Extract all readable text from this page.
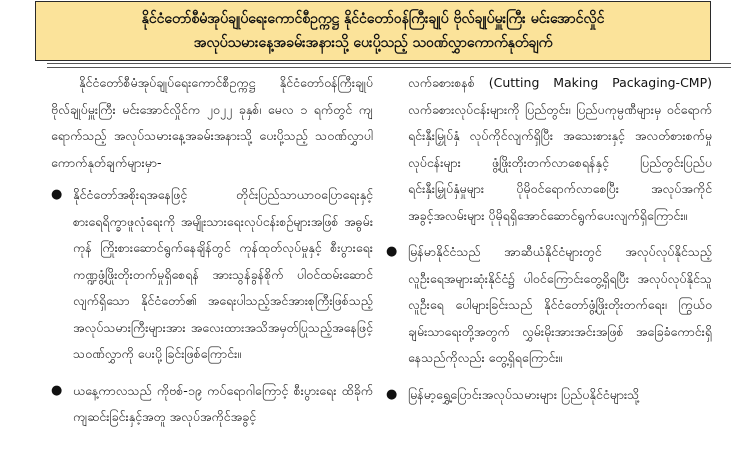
နိုင်ငံတော်စီမံအုပ်ချုပ်ရေးကောင်စီဥက္ကဋ္ဌ နိုင်ငံတော်ဝန်ကြီးချုပ် ဗိုလ်ချုပ်မှူးကြီး မင်းအောင်လှိုင်
အလုပ်သမားနေ့အခမ်းအနားသို့ ပေးပို့သည့် သဝဏ်လွှာကောက်နုတ်ချက်

နိုင်ငံတော်စီမံအုပ်ချုပ်ရေးကောင်စီဥက္ကဋ္ဌ နိုင်ငံတော်ဝန်ကြီးချုပ် ဗိုလ်ချုပ်မှူးကြီး မင်းအောင်လှိုင်က ၂၀၂၂ ခုနှစ်၊ မေလ ၁ ရက်တွင် ကျရောက်သည့် အလုပ်သမားနေ့အခမ်းအနားသို့ ပေးပို့သည့် သဝဏ်လွှာပါကောက်နုတ်ချက်များမှာ-

● နိုင်ငံတော်အစိုးရအနေဖြင့် တိုင်းပြည်သာယာဝပြောရေးနှင့် စားရေရိက္ခာဖူလုံရေးကို အမျိုးသားရေးလုပ်ငန်းစဉ်များအဖြစ် အဓွမ်းကုန် ကြိုးစားဆောင်ရွက်နေချိန်တွင် ကုန်ထုတ်လုပ်မှုနှင့် စီးပွားရေးကဏ္ဍဖွံ့ဖြိုးတိုးတက်မှုရှိစေရန် အားသွန်ခွန်စိုက် ပါဝင်ထမ်းဆောင်လျက်ရှိသော နိုင်ငံတော်၏ အရေးပါသည့်အင်အားစုကြီးဖြစ်သည့်အလုပ်သမားကြီးများအား အလေးထားအသိအမှတ်ပြုသည့်အနေဖြင့် သဝဏ်လွှာကို ပေးပို့ခြင်းဖြစ်ကြောင်း။
● ယနေ့ကာလသည် ကိုဗစ်-၁၉ ကပ်ရောဂါကြောင့် စီးပွားရေး ထိခိုက်ကျဆင်းခြင်းနှင့်အတူ အလုပ်အကိုင်အခွင့်

လက်ခစားစနစ် (Cutting Making Packaging-CMP) လက်ခစားလုပ်ငန်းများကို ပြည်တွင်း၊ ပြည်ပကုမ္ပဏီများမှ ဝင်ရောက်ရင်းနှီးမြှုပ်နှံ လုပ်ကိုင်လျက်ရှိပြီး အသေးစားနှင့် အလတ်စားစက်မှုလုပ်ငန်းများ ဖွံ့ဖြိုးတိုးတက်လာစေရန်နှင့် ပြည်တွင်းပြည်ပရင်းနှီးမြှုပ်နှံမှုများ ပိုမိုဝင်ရောက်လာစေပြီး အလုပ်အကိုင်အခွင့်အလမ်းများ ပိုမိုရရှိအောင်ဆောင်ရွက်ပေးလျက်ရှိကြောင်း။

● မြန်မာနိုင်ငံသည် အာဆီယံနိုင်ငံများတွင် အလုပ်လုပ်နိုင်သည့် လူဦးရေအများဆုံးနိုင်ငံ၌ ပါဝင်ကြောင်းတွေ့ရှိရပြီး အလုပ်လုပ်နိုင်သူလူဦးရေ ပေါများခြင်းသည် နိုင်ငံတော်ဖွံ့ဖြိုးတိုးတက်ရေး၊ ကြွယ်ဝချမ်းသာရေးတို့အတွက် လွှမ်းမိုးအားအင်းအဖြစ် အခြေခံကောင်းရှိနေသည်ကိုလည်း တွေ့ရှိရကြောင်း။
● မြန်မာ့ရွှေ့ပြောင်းအလုပ်သမားများ ပြည်ပနိုင်ငံများသို့
